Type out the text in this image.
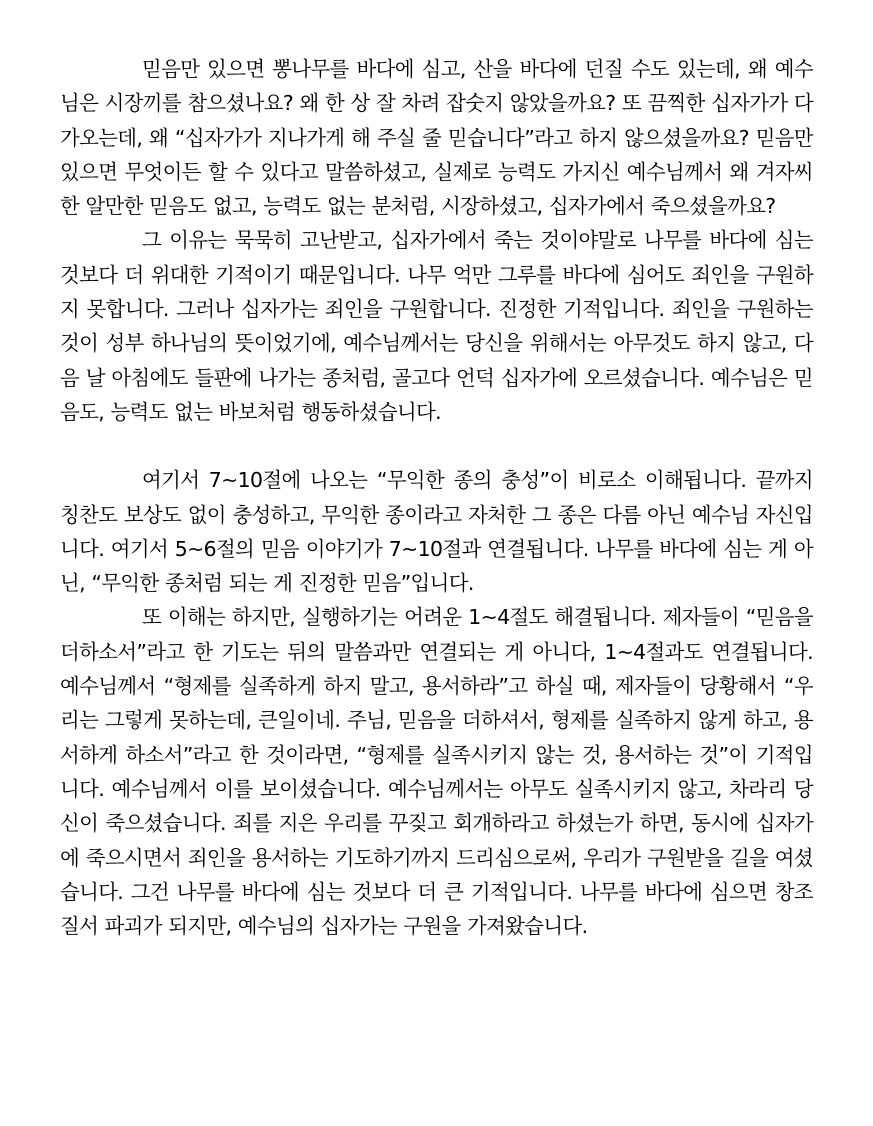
믿음만 있으면 뽕나무를 바다에 심고, 산을 바다에 던질 수도 있는데, 왜 예수님은 시장끼를 참으셨나요? 왜 한 상 잘 차려 잡숫지 않았을까요? 또 끔찍한 십자가가 다가오는데, 왜 “십자가가 지나가게 해 주실 줄 믿습니다”라고 하지 않으셨을까요? 믿음만 있으면 무엇이든 할 수 있다고 말씀하셨고, 실제로 능력도 가지신 예수님께서 왜 겨자씨 한 알만한 믿음도 없고, 능력도 없는 분처럼, 시장하셨고, 십자가에서 죽으셨을까요?

그 이유는 묵묵히 고난받고, 십자가에서 죽는 것이야말로 나무를 바다에 심는 것보다 더 위대한 기적이기 때문입니다. 나무 억만 그루를 바다에 심어도 죄인을 구원하지 못합니다. 그러나 십자가는 죄인을 구원합니다. 진정한 기적입니다. 죄인을 구원하는 것이 성부 하나님의 뜻이었기에, 예수님께서는 당신을 위해서는 아무것도 하지 않고, 다음 날 아침에도 들판에 나가는 종처럼, 골고다 언덕 십자가에 오르셨습니다. 예수님은 믿음도, 능력도 없는 바보처럼 행동하셨습니다.

여기서 7~10절에 나오는 “무익한 종의 충성”이 비로소 이해됩니다. 끝까지 칭찬도 보상도 없이 충성하고, 무익한 종이라고 자처한 그 종은 다름 아닌 예수님 자신입니다. 여기서 5~6절의 믿음 이야기가 7~10절과 연결됩니다. 나무를 바다에 심는 게 아닌, “무익한 종처럼 되는 게 진정한 믿음”입니다.

또 이해는 하지만, 실행하기는 어려운 1~4절도 해결됩니다. 제자들이 “믿음을 더하소서”라고 한 기도는 뒤의 말씀과만 연결되는 게 아니다, 1~4절과도 연결됩니다. 예수님께서 “형제를 실족하게 하지 말고, 용서하라”고 하실 때, 제자들이 당황해서 “우리는 그렇게 못하는데, 큰일이네. 주님, 믿음을 더하셔서, 형제를 실족하지 않게 하고, 용서하게 하소서”라고 한 것이라면, “형제를 실족시키지 않는 것, 용서하는 것”이 기적입니다. 예수님께서 이를 보이셨습니다. 예수님께서는 아무도 실족시키지 않고, 차라리 당신이 죽으셨습니다. 죄를 지은 우리를 꾸짖고 회개하라고 하셨는가 하면, 동시에 십자가에 죽으시면서 죄인을 용서하는 기도하기까지 드리심으로써, 우리가 구원받을 길을 여셨습니다. 그건 나무를 바다에 심는 것보다 더 큰 기적입니다. 나무를 바다에 심으면 창조 질서 파괴가 되지만, 예수님의 십자가는 구원을 가져왔습니다.
